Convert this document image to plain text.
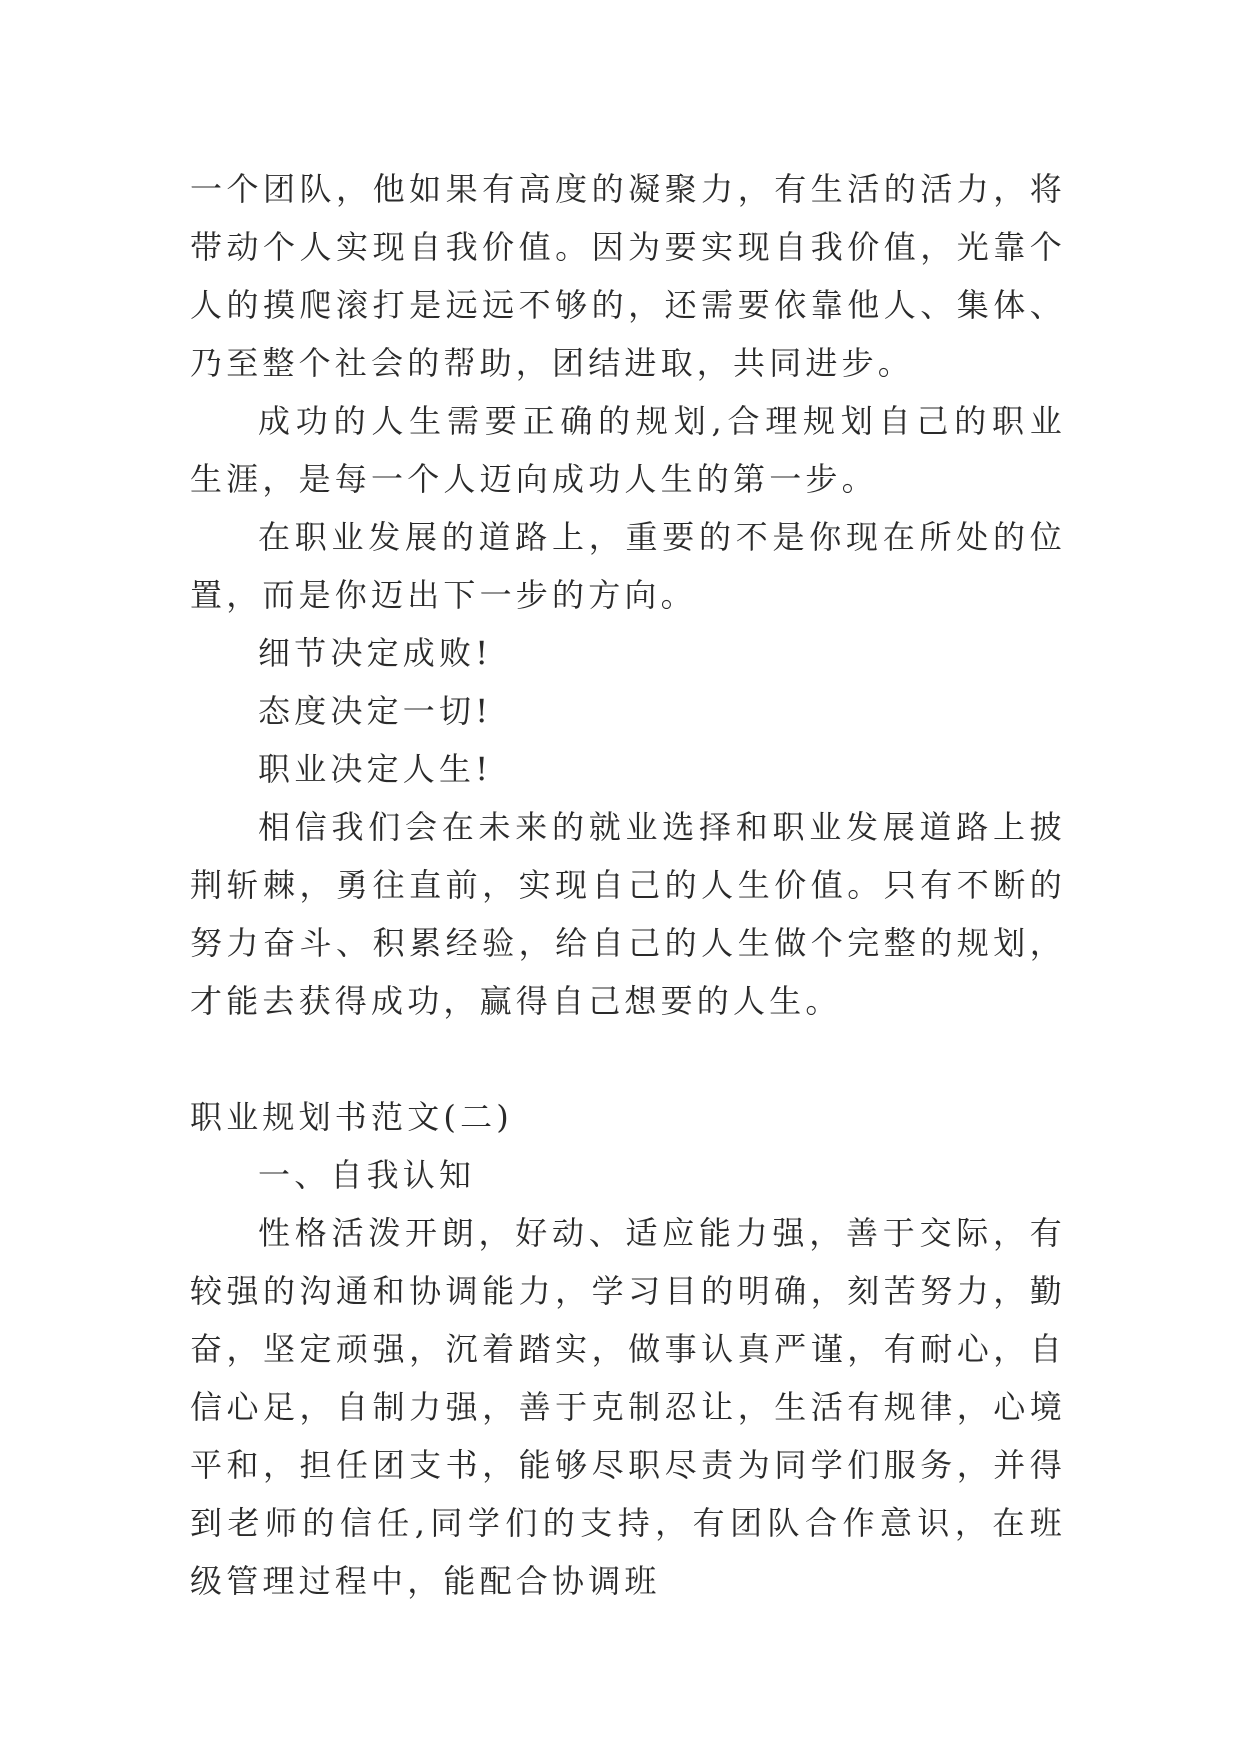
一个团队，他如果有高度的凝聚力，有生活的活力，将带动个人实现自我价值。因为要实现自我价值，光靠个人的摸爬滚打是远远不够的，还需要依靠他人、集体、乃至整个社会的帮助，团结进取，共同进步。

成功的人生需要正确的规划,合理规划自己的职业生涯，是每一个人迈向成功人生的第一步。

在职业发展的道路上，重要的不是你现在所处的位置，而是你迈出下一步的方向。

细节决定成败!

态度决定一切!

职业决定人生!

相信我们会在未来的就业选择和职业发展道路上披荆斩棘，勇往直前，实现自己的人生价值。只有不断的努力奋斗、积累经验，给自己的人生做个完整的规划，才能去获得成功，赢得自己想要的人生。

职业规划书范文(二)

一、自我认知

性格活泼开朗，好动、适应能力强，善于交际，有较强的沟通和协调能力，学习目的明确，刻苦努力，勤奋，坚定顽强，沉着踏实，做事认真严谨，有耐心，自信心足，自制力强，善于克制忍让，生活有规律，心境平和，担任团支书，能够尽职尽责为同学们服务，并得到老师的信任,同学们的支持，有团队合作意识，在班级管理过程中，能配合协调班
